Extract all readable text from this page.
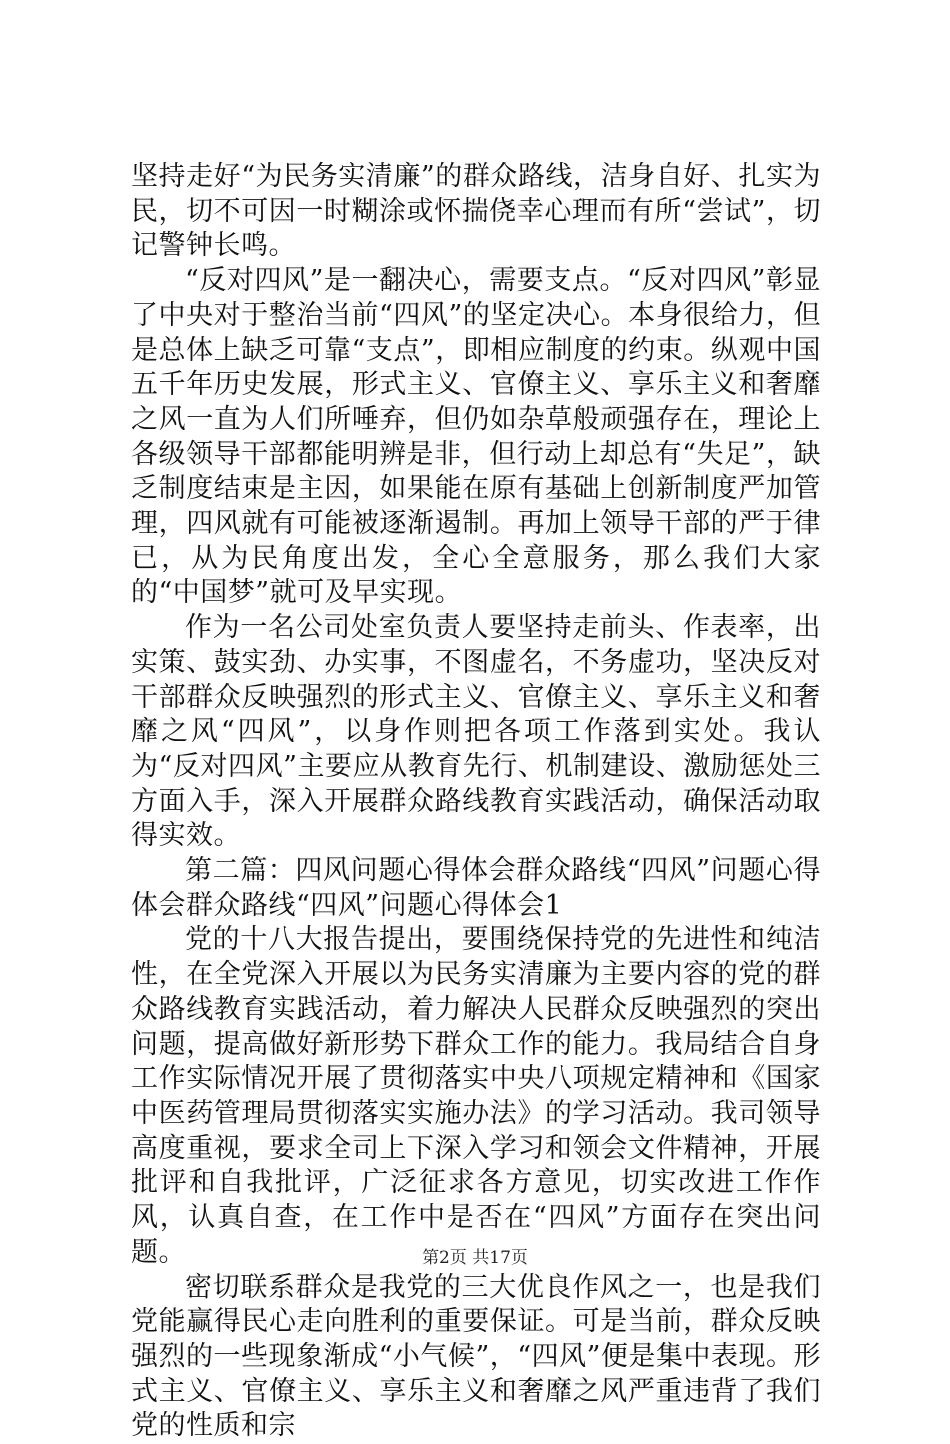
坚持走好“为民务实清廉”的群众路线，洁身自好、扎实为民，切不可因一时糊涂或怀揣侥幸心理而有所“尝试”，切记警钟长鸣。

“反对四风”是一翻决心，需要支点。“反对四风”彰显了中央对于整治当前“四风”的坚定决心。本身很给力，但是总体上缺乏可靠“支点”，即相应制度的约束。纵观中国五千年历史发展，形式主义、官僚主义、享乐主义和奢靡之风一直为人们所唾弃，但仍如杂草般顽强存在，理论上各级领导干部都能明辨是非，但行动上却总有“失足”，缺乏制度结束是主因，如果能在原有基础上创新制度严加管理，四风就有可能被逐渐遏制。再加上领导干部的严于律已，从为民角度出发，全心全意服务，那么我们大家的“中国梦”就可及早实现。

作为一名公司处室负责人要坚持走前头、作表率，出实策、鼓实劲、办实事，不图虚名，不务虚功，坚决反对干部群众反映强烈的形式主义、官僚主义、享乐主义和奢靡之风“四风”，以身作则把各项工作落到实处。我认为“反对四风”主要应从教育先行、机制建设、激励惩处三方面入手，深入开展群众路线教育实践活动，确保活动取得实效。

第二篇：四风问题心得体会群众路线“四风”问题心得体会群众路线“四风”问题心得体会1

党的十八大报告提出，要围绕保持党的先进性和纯洁性，在全党深入开展以为民务实清廉为主要内容的党的群众路线教育实践活动，着力解决人民群众反映强烈的突出问题，提高做好新形势下群众工作的能力。我局结合自身工作实际情况开展了贯彻落实中央八项规定精神和《国家中医药管理局贯彻落实实施办法》的学习活动。我司领导高度重视，要求全司上下深入学习和领会文件精神，开展批评和自我批评，广泛征求各方意见，切实改进工作作风，认真自查，在工作中是否在“四风”方面存在突出问题。

密切联系群众是我党的三大优良作风之一，也是我们党能赢得民心走向胜利的重要保证。可是当前，群众反映强烈的一些现象渐成“小气候”，“四风”便是集中表现。形式主义、官僚主义、享乐主义和奢靡之风严重违背了我们党的性质和宗

第2页 共17页
